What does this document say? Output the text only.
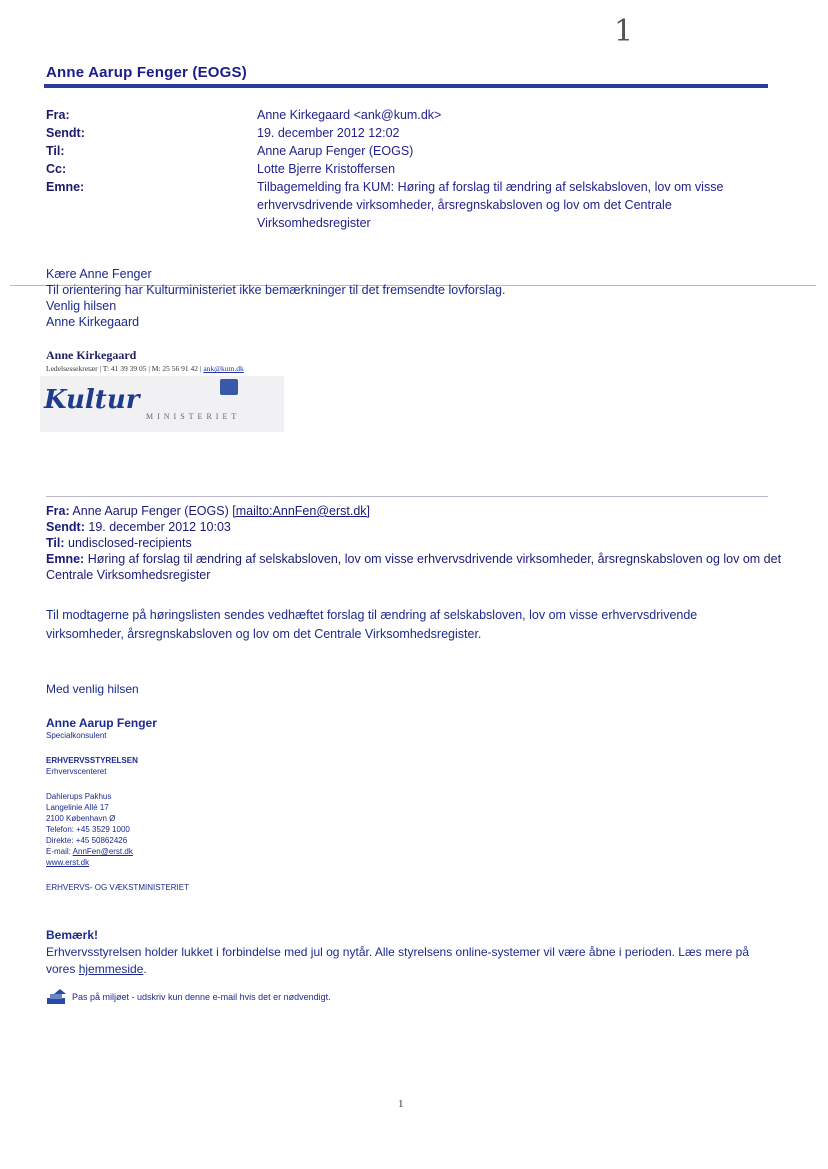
1
Anne Aarup Fenger (EOGS)
Fra:	Anne Kirkegaard <ank@kum.dk>
Sendt:	19. december 2012 12:02
Til:	Anne Aarup Fenger (EOGS)
Cc:	Lotte Bjerre Kristoffersen
Emne:	Tilbagemelding fra KUM: Høring af forslag til ændring af selskabsloven, lov om visse erhvervsdrivende virksomheder, årsregnskabsloven og lov om det Centrale Virksomhedsregister
Kære Anne Fenger
Til orientering har Kulturministeriet ikke bemærkninger til det fremsendte lovforslag.
Venlig hilsen
Anne Kirkegaard
Anne Kirkegaard
Ledelsessekretær | T: 41 39 39 05 | M: 25 56 91 42 | ank@kum.dk
Kultur
MINISTERIET
Fra: Anne Aarup Fenger (EOGS) [mailto:AnnFen@erst.dk]
Sendt: 19. december 2012 10:03
Til: undisclosed-recipients
Emne: Høring af forslag til ændring af selskabsloven, lov om visse erhvervsdrivende virksomheder, årsregnskabsloven og lov om det Centrale Virksomhedsregister
Til modtagerne på høringslisten sendes vedhæftet forslag til ændring af selskabsloven, lov om visse erhvervsdrivende virksomheder, årsregnskabsloven og lov om det Centrale Virksomhedsregister.
Med venlig hilsen
Anne Aarup Fenger
Specialkonsulent
ERHVERVSSTYRELSEN
Erhvervscenteret
Dahlerups Pakhus
Langelinie Allé 17
2100 København Ø
Telefon: +45 3529 1000
Direkte: +45 50862426
E-mail: AnnFen@erst.dk
www.erst.dk
ERHVERVS- OG VÆKSTMINISTERIET
Bemærk!
Erhvervsstyrelsen holder lukket i forbindelse med jul og nytår. Alle styrelsens online-systemer vil være åbne i perioden. Læs mere på vores hjemmeside.
Pas på miljøet - udskriv kun denne e-mail hvis det er nødvendigt.
1
